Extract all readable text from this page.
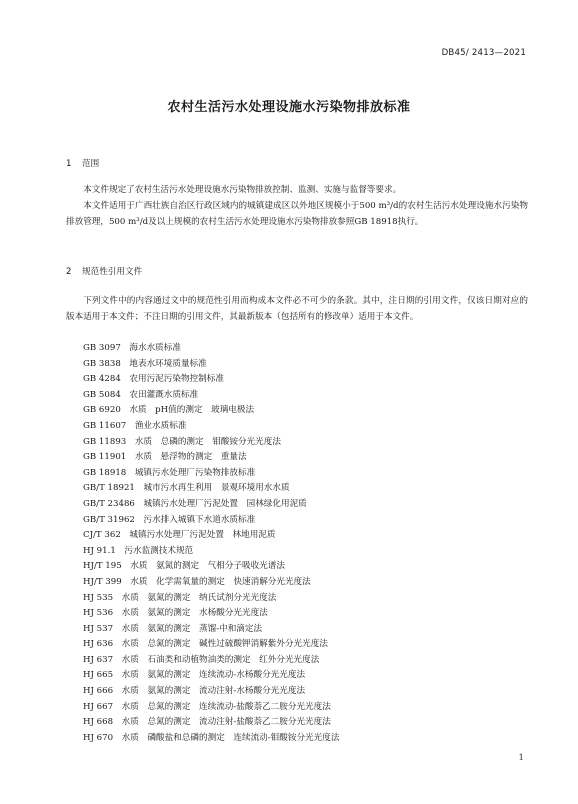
DB45/ 2413—2021
农村生活污水处理设施水污染物排放标准
1 范围

本文件规定了农村生活污水处理设施水污染物排放控制、监测、实施与监督等要求。

本文件适用于广西壮族自治区行政区域内的城镇建成区以外地区规模小于500 m³/d的农村生活污水处理设施水污染物排放管理，500 m³/d及以上规模的农村生活污水处理设施水污染物排放参照GB 18918执行。

2 规范性引用文件

下列文件中的内容通过文中的规范性引用而构成本文件必不可少的条款。其中，注日期的引用文件，仅该日期对应的版本适用于本文件；不注日期的引用文件，其最新版本（包括所有的修改单）适用于本文件。

GB 3097　海水水质标准
GB 3838　地表水环境质量标准
GB 4284　农用污泥污染物控制标准
GB 5084　农田灌溉水质标准
GB 6920　水质　pH值的测定　玻璃电极法
GB 11607　渔业水质标准
GB 11893　水质　总磷的测定　钼酸铵分光光度法
GB 11901　水质　悬浮物的测定　重量法
GB 18918　城镇污水处理厂污染物排放标准
GB/T 18921　城市污水再生利用　景观环境用水水质
GB/T 23486　城镇污水处理厂污泥处置　园林绿化用泥质
GB/T 31962　污水排入城镇下水道水质标准
CJ/T 362　城镇污水处理厂污泥处置　林地用泥质
HJ 91.1　污水监测技术规范
HJ/T 195　水质　氨氮的测定　气相分子吸收光谱法
HJ/T 399　水质　化学需氧量的测定　快速消解分光光度法
HJ 535　水质　氨氮的测定　纳氏试剂分光光度法
HJ 536　水质　氨氮的测定　水杨酸分光光度法
HJ 537　水质　氨氮的测定　蒸馏-中和滴定法
HJ 636　水质　总氮的测定　碱性过硫酸钾消解紫外分光光度法
HJ 637　水质　石油类和动植物油类的测定　红外分光光度法
HJ 665　水质　氨氮的测定　连续流动-水杨酸分光光度法
HJ 666　水质　氨氮的测定　流动注射-水杨酸分光光度法
HJ 667　水质　总氮的测定　连续流动-盐酸萘乙二胺分光光度法
HJ 668　水质　总氮的测定　流动注射-盐酸萘乙二胺分光光度法
HJ 670　水质　磷酸盐和总磷的测定　连续流动-钼酸铵分光光度法
1
